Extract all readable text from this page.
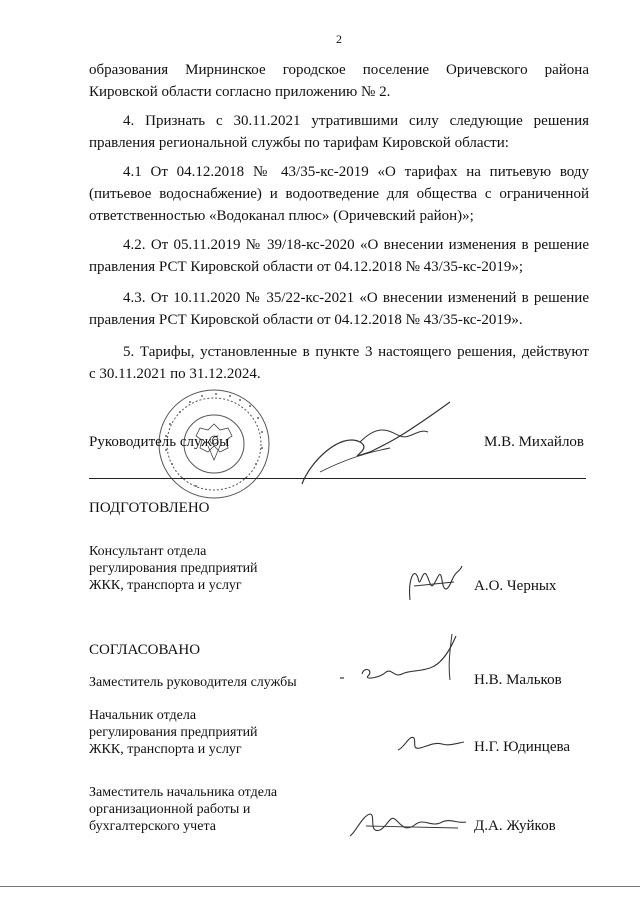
2

образования Мирнинское городское поселение Оричевского района

Кировской области согласно приложению № 2.

4. Признать с 30.11.2021 утратившими силу следующие решения

правления региональной службы по тарифам Кировской области:

4.1 От 04.12.2018 № 43/35-кс-2019 «О тарифах на питьевую воду

(питьевое водоснабжение) и водоотведение для общества с ограниченной

ответственностью «Водоканал плюс» (Оричевский район)»;

4.2. От 05.11.2019 № 39/18-кс-2020 «О внесении изменения в решение

правления РСТ Кировской области от 04.12.2018 № 43/35-кс-2019»;

4.3. От 10.11.2020 № 35/22-кс-2021 «О внесении изменений в решение

правления РСТ Кировской области от 04.12.2018 № 43/35-кс-2019».

5. Тарифы, установленные в пункте 3 настоящего решения, действуют

с 30.11.2021 по 31.12.2024.

Руководитель службы	М.В. Михайлов
ПОДГОТОВЛЕНО
Консультант отдела
регулирования предприятий
ЖКК, транспорта и услуг	А.О. Черных
СОГЛАСОВАНО
Заместитель руководителя службы	Н.В. Мальков
Начальник отдела
регулирования предприятий
ЖКК, транспорта и услуг	Н.Г. Юдинцева
Заместитель начальника отдела
организационной работы и
бухгалтерского учета	Д.А. Жуйков
